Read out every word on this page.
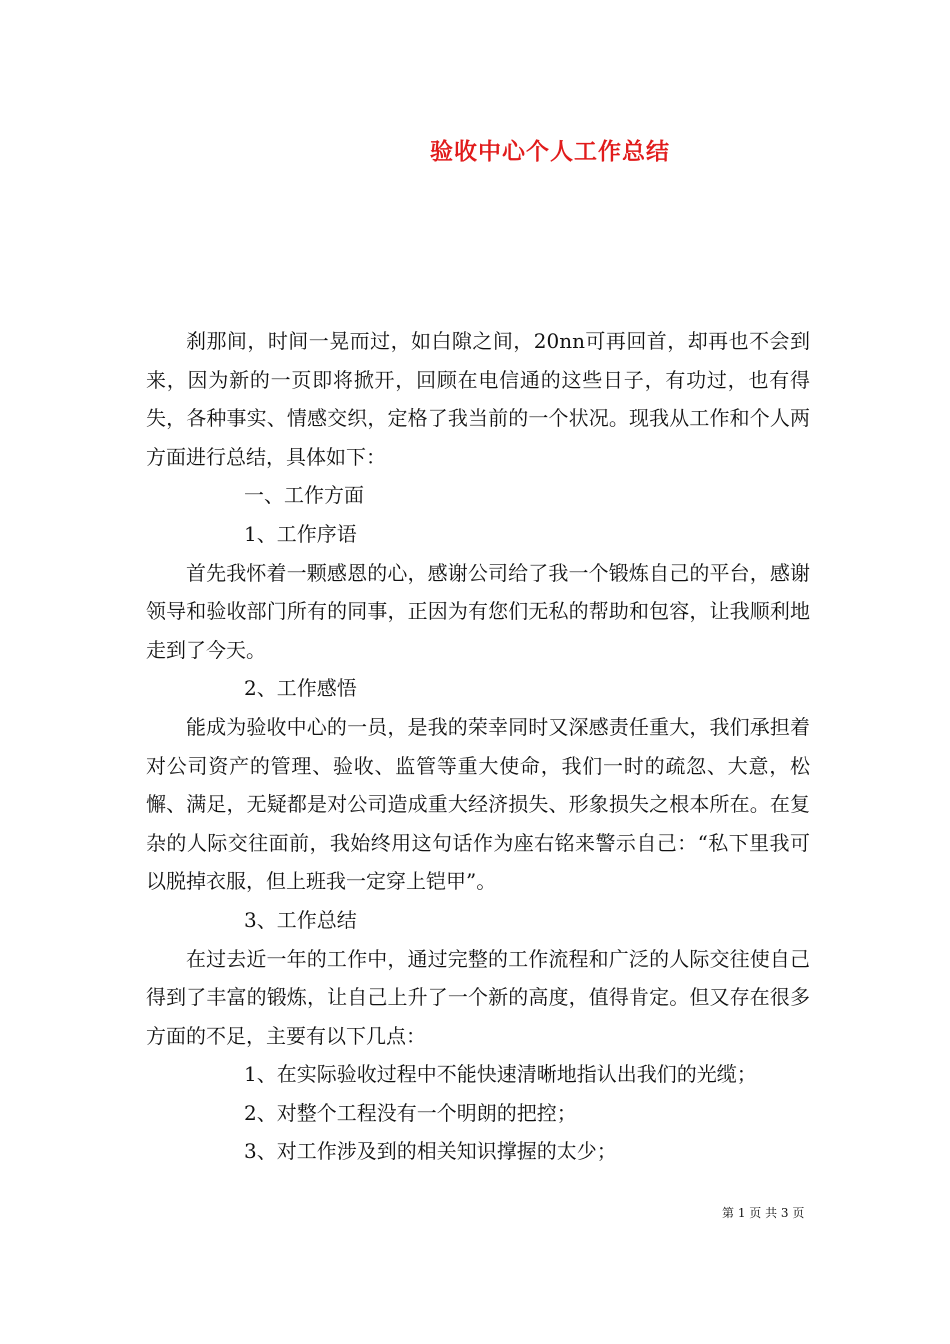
验收中心个人工作总结

刹那间，时间一晃而过，如白隙之间，20nn可再回首，却再也不会到来，因为新的一页即将掀开，回顾在电信通的这些日子，有功过，也有得失，各种事实、情感交织，定格了我当前的一个状况。现我从工作和个人两方面进行总结，具体如下：

一、工作方面

1、工作序语

首先我怀着一颗感恩的心，感谢公司给了我一个锻炼自己的平台，感谢领导和验收部门所有的同事，正因为有您们无私的帮助和包容，让我顺利地走到了今天。

2、工作感悟

能成为验收中心的一员，是我的荣幸同时又深感责任重大，我们承担着对公司资产的管理、验收、监管等重大使命，我们一时的疏忽、大意，松懈、满足，无疑都是对公司造成重大经济损失、形象损失之根本所在。在复杂的人际交往面前，我始终用这句话作为座右铭来警示自己：“私下里我可以脱掉衣服，但上班我一定穿上铠甲”。

3、工作总结

在过去近一年的工作中，通过完整的工作流程和广泛的人际交往使自己得到了丰富的锻炼，让自己上升了一个新的高度，值得肯定。但又存在很多方面的不足，主要有以下几点：

1、在实际验收过程中不能快速清晰地指认出我们的光缆；

2、对整个工程没有一个明朗的把控；

3、对工作涉及到的相关知识撑握的太少；

第 1 页 共 3 页
